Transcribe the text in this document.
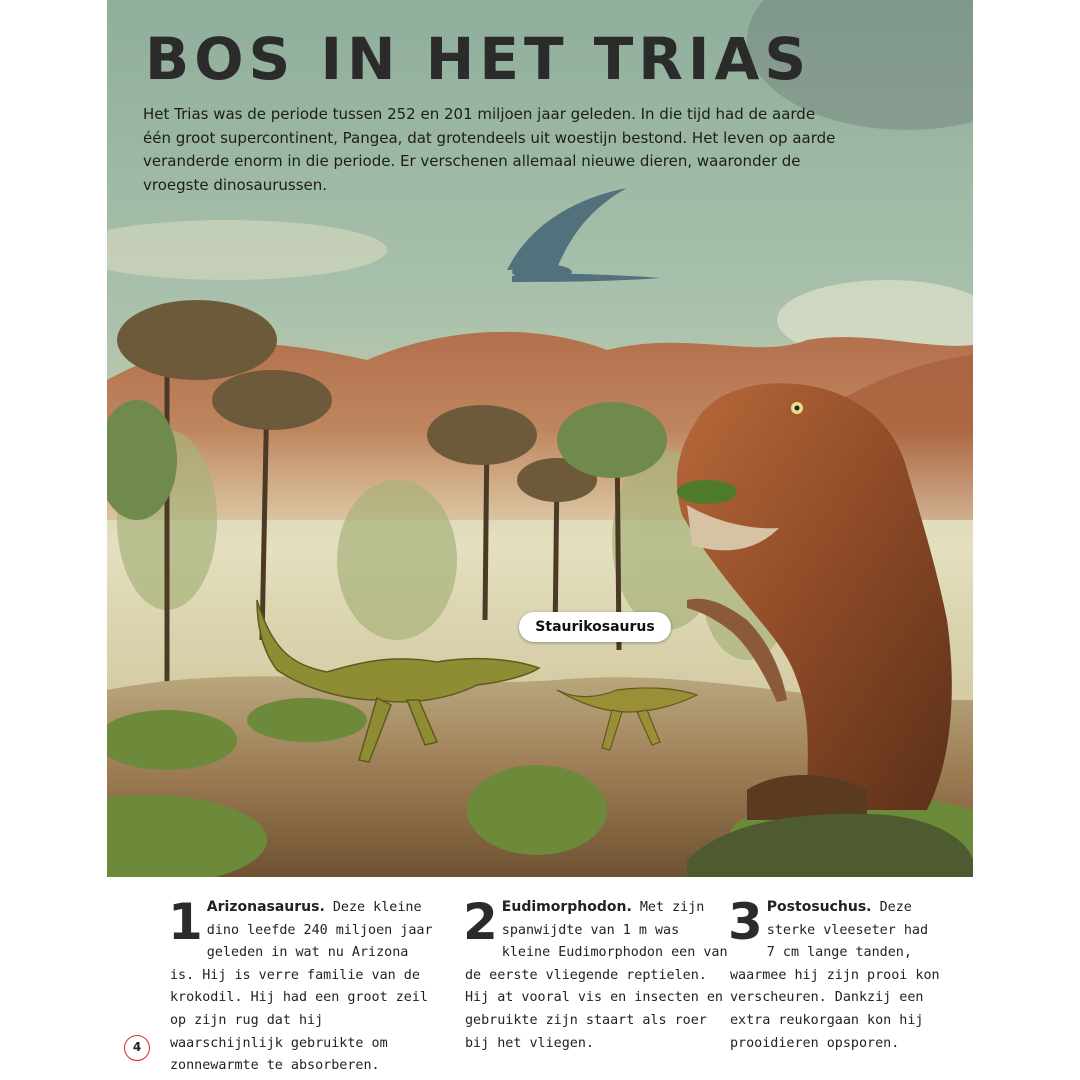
Staurikosaurus
BOS IN HET TRIAS

Het Trias was de periode tussen 252 en 201 miljoen jaar geleden. In die tijd had de aarde één groot supercontinent, Pangea, dat grotendeels uit woestijn bestond. Het leven op aarde veranderde enorm in die periode. Er verschenen allemaal nieuwe dieren, waaronder de vroegste dinosaurussen.

1 Arizonasaurus. Deze kleine dino leefde 240 miljoen jaar geleden in wat nu Arizona is. Hij is verre familie van de krokodil. Hij had een groot zeil op zijn rug dat hij waarschijnlijk gebruikte om zonnewarmte te absorberen.
2 Eudimorphodon. Met zijn spanwijdte van 1 m was kleine Eudimorphodon een van de eerste vliegende reptielen. Hij at vooral vis en insecten en gebruikte zijn staart als roer bij het vliegen.
3 Postosuchus. Deze sterke vleeseter had 7 cm lange tanden, waarmee hij zijn prooi kon verscheuren. Dankzij een extra reukorgaan kon hij prooidieren opsporen.
4
